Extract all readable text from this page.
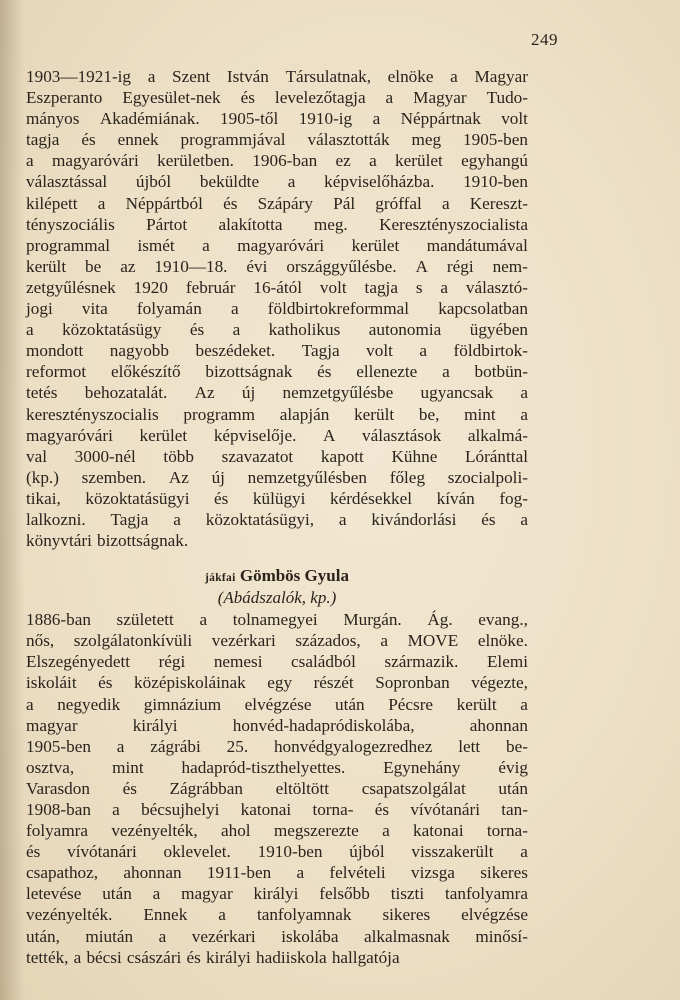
249
1903—1921-ig a Szent István Társulatnak, elnöke a Magyar
Eszperanto Egyesület-nek és levelezőtagja a Magyar Tudo-
mányos Akadémiának. 1905-től 1910-ig a Néppártnak volt
tagja és ennek programmjával választották meg 1905-ben
a magyaróvári kerületben. 1906-ban ez a kerület egyhangú
választással újból beküldte a képviselőházba. 1910-ben
kilépett a Néppártból és Szápáry Pál gróffal a Kereszt-
tényszociális Pártot alakította meg. Keresztényszocialista
programmal ismét a magyaróvári kerület mandátumával
került be az 1910—18. évi országgyűlésbe. A régi nem-
zetgyűlésnek 1920 február 16-ától volt tagja s a választó-
jogi vita folyamán a földbirtokreformmal kapcsolatban
a közoktatásügy és a katholikus autonomia ügyében
mondott nagyobb beszédeket. Tagja volt a földbirtok-
reformot előkészítő bizottságnak és ellenezte a botbün-
tetés behozatalát. Az új nemzetgyűlésbe ugyancsak a
keresztényszocialis programm alapján került be, mint a
magyaróvári kerület képviselője. A választások alkalmá-
val 3000-nél több szavazatot kapott Kühne Lóránttal
(kp.) szemben. Az új nemzetgyűlésben főleg szocialpoli-
tikai, közoktatásügyi és külügyi kérdésekkel kíván fog-
lalkozni. Tagja a közoktatásügyi, a kivándorlási és a
könyvtári bizottságnak.
jákfai Gömbös Gyula
(Abádszalók, kp.)
1886-ban született a tolnamegyei Murgán. Ág. evang.,
nős, szolgálatonkívüli vezérkari százados, a MOVE elnöke.
Elszegényedett régi nemesi családból származik. Elemi
iskoláit és középiskoláinak egy részét Sopronban végezte,
a negyedik gimnázium elvégzése után Pécsre került a
magyar	királyi	honvéd-hadapródiskolába,	ahonnan
1905-ben a zágrábi 25. honvédgyalogezredhez lett be-
osztva, mint hadapród-tiszthelyettes. Egynehány évig
Varasdon és Zágrábban eltöltött csapatszolgálat után
1908-ban a bécsujhelyi katonai torna- és vívótanári tan-
folyamra vezényelték, ahol megszerezte a katonai torna-
és vívótanári oklevelet. 1910-ben újból visszakerült a
csapathoz, ahonnan 1911-ben a felvételi vizsga sikeres
letevése után a magyar királyi felsőbb tiszti tanfolyamra
vezényelték. Ennek a tanfolyamnak sikeres elvégzése
után, miután a vezérkari iskolába alkalmasnak minősí-
tették, a bécsi császári és királyi hadiiskola hallgatója
